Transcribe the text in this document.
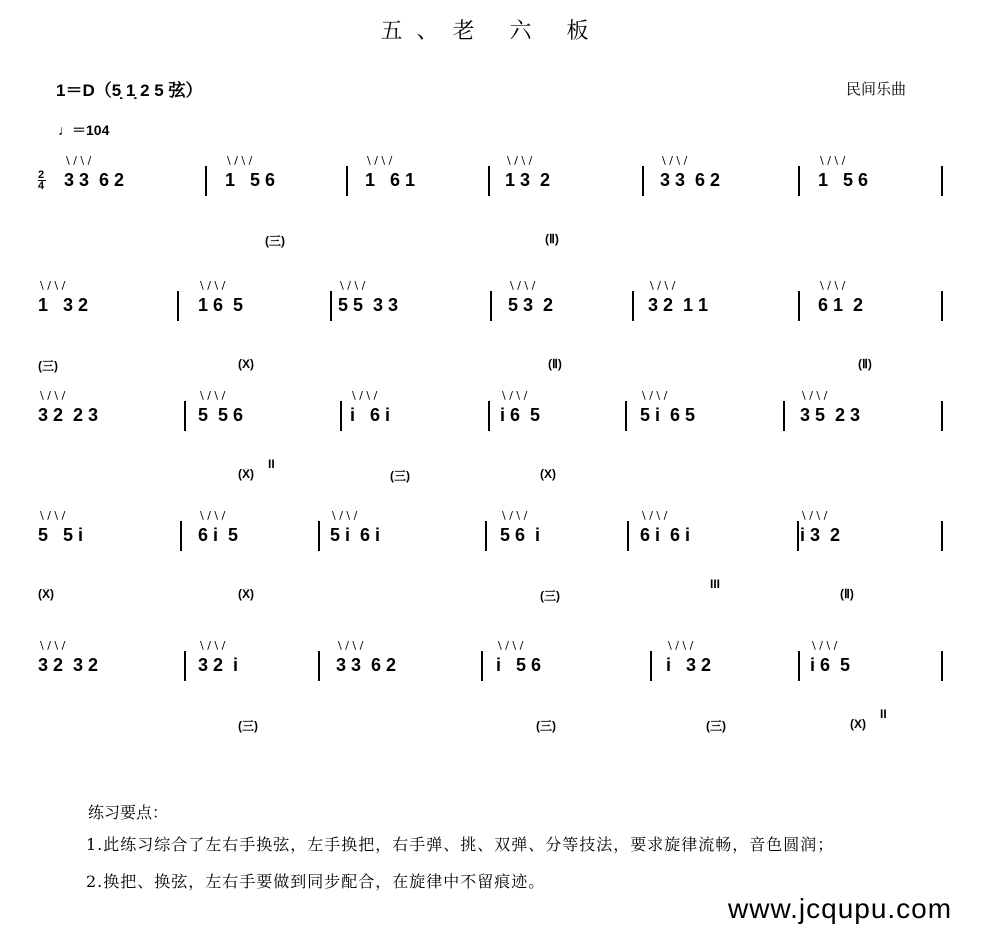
五、老 六 板
1＝D（5̣ 1̣ 2 5 弦）	民间乐曲
♩＝104
2
4 3 3  6 2
\ / \ /
1   5 6
\ / \ /
1   6 1
\ / \ /
1 3  2
\ / \ /
3 3  6 2
\ / \ /
1   5 6
\ / \ /
1   3 2
\ / \ /
1 6  5
\ / \ /
5 5  3 3
\ / \ /
5 3  2
\ / \ /
3 2  1 1
\ / \ /
6 1  2
\ / \ /
3 2  2 3
\ / \ /
5  5 6
\ / \ /
i   6 i
\ / \ /
i 6  5
\ / \ /
5 i  6 5
\ / \ /
3 5  2 3
\ / \ /
5   5 i
\ / \ /
6 i  5
\ / \ /
5 i  6 i
\ / \ /
5 6  i
\ / \ /
6 i  6 i
\ / \ /
i 3  2
\ / \ /
3 2  3 2
\ / \ /
3 2  i
\ / \ /
3 3  6 2
\ / \ /
i   5 6
\ / \ /
i   3 2
\ / \ /
i 6  5
\ / \ /
(三)	(Ⅱ)
(三)	(X)	(Ⅱ)	(Ⅱ)
(X)	(三)	(X)
(X)	(X)	(三)	(Ⅱ)
(三)	(三)	(三)	(X)
II
III
II
练习要点：
1.此练习综合了左右手换弦，左手换把，右手弹、挑、双弹、分等技法，要求旋律流畅，音色圆润；
2.换把、换弦，左右手要做到同步配合，在旋律中不留痕迹。
www.jcqupu.com
